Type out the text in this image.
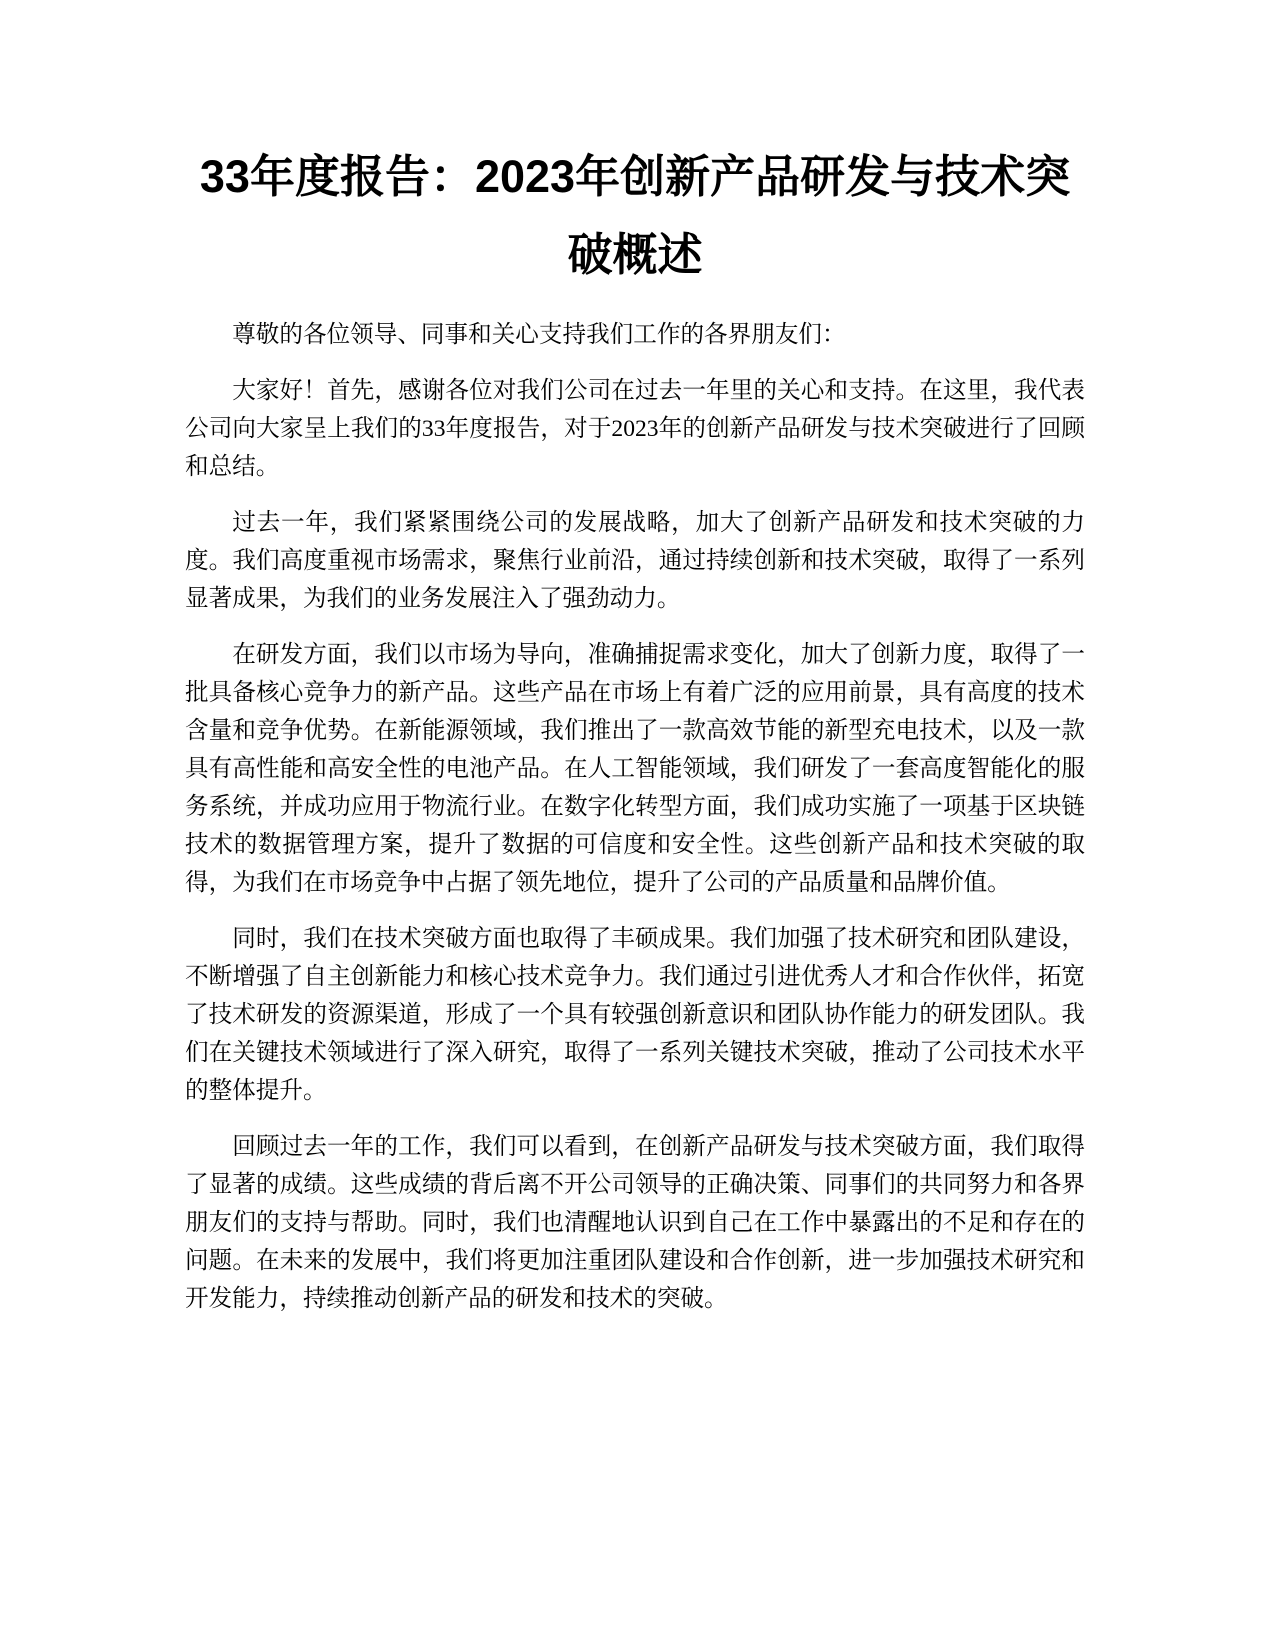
33年度报告：2023年创新产品研发与技术突破概述

尊敬的各位领导、同事和关心支持我们工作的各界朋友们：

大家好！首先，感谢各位对我们公司在过去一年里的关心和支持。在这里，我代表公司向大家呈上我们的33年度报告，对于2023年的创新产品研发与技术突破进行了回顾和总结。

过去一年，我们紧紧围绕公司的发展战略，加大了创新产品研发和技术突破的力度。我们高度重视市场需求，聚焦行业前沿，通过持续创新和技术突破，取得了一系列显著成果，为我们的业务发展注入了强劲动力。

在研发方面，我们以市场为导向，准确捕捉需求变化，加大了创新力度，取得了一批具备核心竞争力的新产品。这些产品在市场上有着广泛的应用前景，具有高度的技术含量和竞争优势。在新能源领域，我们推出了一款高效节能的新型充电技术，以及一款具有高性能和高安全性的电池产品。在人工智能领域，我们研发了一套高度智能化的服务系统，并成功应用于物流行业。在数字化转型方面，我们成功实施了一项基于区块链技术的数据管理方案，提升了数据的可信度和安全性。这些创新产品和技术突破的取得，为我们在市场竞争中占据了领先地位，提升了公司的产品质量和品牌价值。

同时，我们在技术突破方面也取得了丰硕成果。我们加强了技术研究和团队建设，不断增强了自主创新能力和核心技术竞争力。我们通过引进优秀人才和合作伙伴，拓宽了技术研发的资源渠道，形成了一个具有较强创新意识和团队协作能力的研发团队。我们在关键技术领域进行了深入研究，取得了一系列关键技术突破，推动了公司技术水平的整体提升。

回顾过去一年的工作，我们可以看到，在创新产品研发与技术突破方面，我们取得了显著的成绩。这些成绩的背后离不开公司领导的正确决策、同事们的共同努力和各界朋友们的支持与帮助。同时，我们也清醒地认识到自己在工作中暴露出的不足和存在的问题。在未来的发展中，我们将更加注重团队建设和合作创新，进一步加强技术研究和开发能力，持续推动创新产品的研发和技术的突破。
